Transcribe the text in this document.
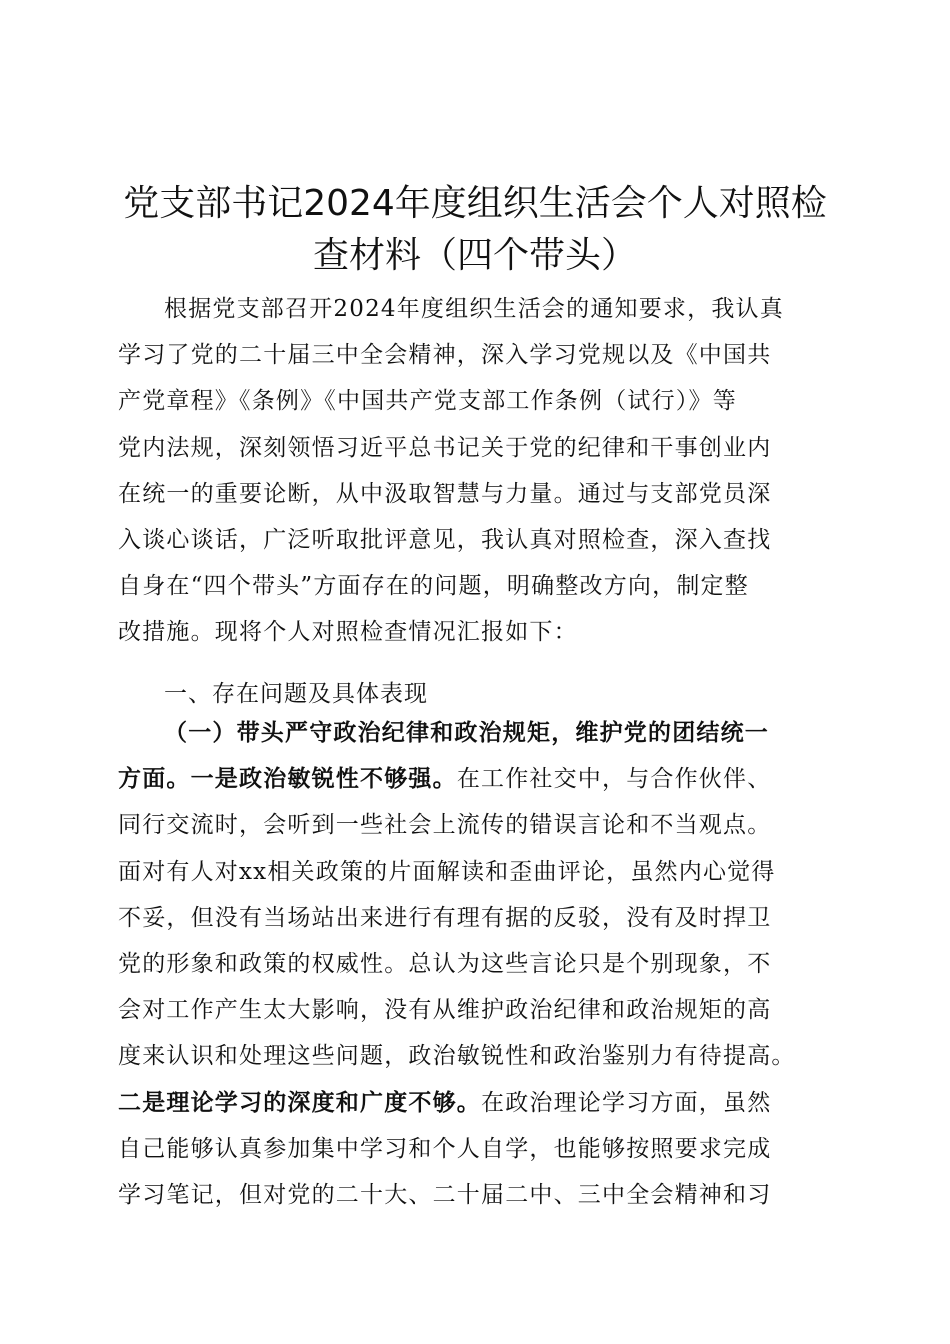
党支部书记2024年度组织生活会个人对照检
查材料（四个带头）
根据党支部召开2024年度组织生活会的通知要求，我认真
学习了党的二十届三中全会精神，深入学习党规以及《中国共
产党章程》《条例》《中国共产党支部工作条例（试行）》等
党内法规，深刻领悟习近平总书记关于党的纪律和干事创业内
在统一的重要论断，从中汲取智慧与力量。通过与支部党员深
入谈心谈话，广泛听取批评意见，我认真对照检查，深入查找
自身在“四个带头”方面存在的问题，明确整改方向，制定整
改措施。现将个人对照检查情况汇报如下：
一、存在问题及具体表现
（一）带头严守政治纪律和政治规矩，维护党的团结统一
方面。一是政治敏锐性不够强。在工作社交中，与合作伙伴、
同行交流时，会听到一些社会上流传的错误言论和不当观点。
面对有人对xx相关政策的片面解读和歪曲评论，虽然内心觉得
不妥，但没有当场站出来进行有理有据的反驳，没有及时捍卫
党的形象和政策的权威性。总认为这些言论只是个别现象，不
会对工作产生太大影响，没有从维护政治纪律和政治规矩的高
度来认识和处理这些问题，政治敏锐性和政治鉴别力有待提高。
二是理论学习的深度和广度不够。在政治理论学习方面，虽然
自己能够认真参加集中学习和个人自学，也能够按照要求完成
学习笔记，但对党的二十大、二十届二中、三中全会精神和习
